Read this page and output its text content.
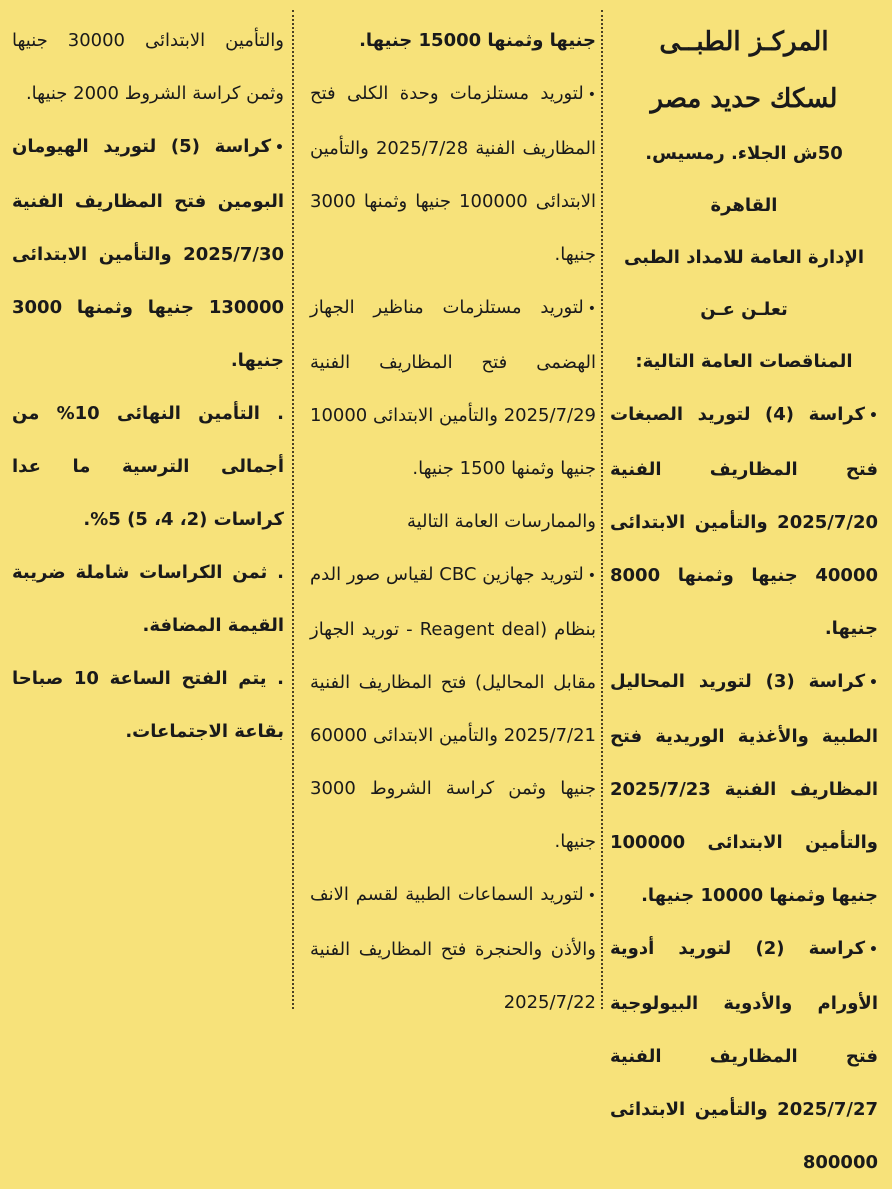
المركـز الطبــى

لسكك حديد مصر

50ش الجلاء. رمسيس. القاهرة

الإدارة العامة للامداد الطبى

تعلـن عـن

المناقصات العامة التالية:

•كراسة (4) لتوريد الصبغات فتح المظاريف الفنية 2025/7/20 والتأمين الابتدائى 40000 جنيها وثمنها 8000 جنيها.

•كراسة (3) لتوريد المحاليل الطبية والأغذية الوريدية فتح المظاريف الفنية 2025/7/23 والتأمين الابتدائى 100000 جنيها وثمنها 10000 جنيها.

•كراسة (2) لتوريد أدوية الأورام والأدوية البيولوجية فتح المظاريف الفنية 2025/7/27 والتأمين الابتدائى 800000

جنيها وثمنها 15000 جنيها.

•لتوريد مستلزمات وحدة الكلى فتح المظاريف الفنية 2025/7/28 والتأمين الابتدائى 100000 جنيها وثمنها 3000 جنيها.

•لتوريد مستلزمات مناظير الجهاز الهضمى فتح المظاريف الفنية 2025/7/29 والتأمين الابتدائى 10000 جنيها وثمنها 1500 جنيها.

والممارسات العامة التالية

•لتوريد جهازين CBC لقياس صور الدم بنظام (Reagent deal - توريد الجهاز مقابل المحاليل) فتح المظاريف الفنية 2025/7/21 والتأمين الابتدائى 60000 جنيها وثمن كراسة الشروط 3000 جنيها.

•لتوريد السماعات الطبية لقسم الانف والأذن والحنجرة فتح المظاريف الفنية 2025/7/22

والتأمين الابتدائى 30000 جنيها وثمن كراسة الشروط 2000 جنيها.

•كراسة (5) لتوريد الهيومان البومين فتح المظاريف الفنية 2025/7/30 والتأمين الابتدائى 130000 جنيها وثمنها 3000 جنيها.

. التأمين النهائى 10% من أجمالى الترسية ما عدا كراسات (2، 4، 5) 5%.

. ثمن الكراسات شاملة ضريبة القيمة المضافة.

. يتم الفتح الساعة 10 صباحا بقاعة الاجتماعات.
